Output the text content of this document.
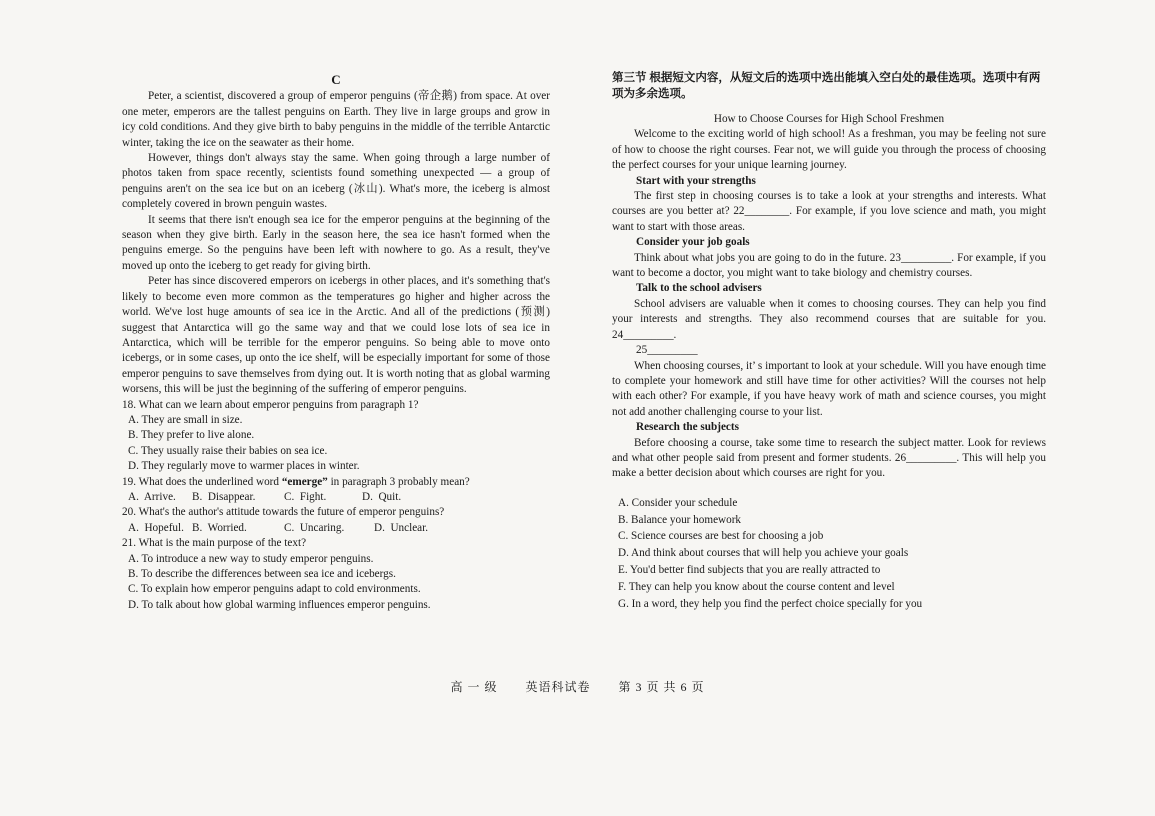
C

Peter, a scientist, discovered a group of emperor penguins (帝企鹅) from space. At over one meter, emperors are the tallest penguins on Earth. They live in large groups and grow in icy cold conditions. And they give birth to baby penguins in the middle of the terrible Antarctic winter, taking the ice on the seawater as their home.

However, things don't always stay the same. When going through a large number of photos taken from space recently, scientists found something unexpected — a group of penguins aren't on the sea ice but on an iceberg (冰山). What's more, the iceberg is almost completely covered in brown penguin wastes.

It seems that there isn't enough sea ice for the emperor penguins at the beginning of the season when they give birth. Early in the season here, the sea ice hasn't formed when the penguins emerge. So the penguins have been left with nowhere to go. As a result, they've moved up onto the iceberg to get ready for giving birth.

Peter has since discovered emperors on icebergs in other places, and it's something that's likely to become even more common as the temperatures go higher and higher across the world. We've lost huge amounts of sea ice in the Arctic. And all of the predictions (预测) suggest that Antarctica will go the same way and that we could lose lots of sea ice in Antarctica, which will be terrible for the emperor penguins. So being able to move onto icebergs, or in some cases, up onto the ice shelf, will be especially important for some of those emperor penguins to save themselves from dying out. It is worth noting that as global warming worsens, this will be just the beginning of the suffering of emperor penguins.

18. What can we learn about emperor penguins from paragraph 1?

A. They are small in size.

B. They prefer to live alone.

C. They usually raise their babies on sea ice.

D. They regularly move to warmer places in winter.

19. What does the underlined word “emerge” in paragraph 3 probably mean?

A.  Arrive. B.  Disappear.	C.  Fight.	D.  Quit.

20. What's the author's attitude towards the future of emperor penguins?

A.  Hopeful. B.  Worried.	C.  Uncaring.	D.  Unclear.

21. What is the main purpose of the text?

A. To introduce a new way to study emperor penguins.

B. To describe the differences between sea ice and icebergs.

C. To explain how emperor penguins adapt to cold environments.

D. To talk about how global warming influences emperor penguins.

第三节 根据短文内容，从短文后的选项中选出能填入空白处的最佳选项。选项中有两项为多余选项。

How to Choose Courses for High School Freshmen

Welcome to the exciting world of high school! As a freshman, you may be feeling not sure of how to choose the right courses. Fear not, we will guide you through the process of choosing the perfect courses for your unique learning journey.

Start with your strengths

The first step in choosing courses is to take a look at your strengths and interests. What courses are you better at? 22________. For example, if you love science and math, you might want to start with those areas.

Consider your job goals

Think about what jobs you are going to do in the future. 23_________. For example, if you want to become a doctor, you might want to take biology and chemistry courses.

Talk to the school advisers

School advisers are valuable when it comes to choosing courses. They can help you find your interests and strengths. They also recommend courses that are suitable for you. 24_________.

25_________

When choosing courses, it’ s important to look at your schedule. Will you have enough time to complete your homework and still have time for other activities? Will the courses not help with each other? For example, if you have heavy work of math and science courses, you might not add another challenging course to your list.

Research the subjects

Before choosing a course, take some time to research the subject matter. Look for reviews and what other people said from present and former students. 26_________. This will help you make a better decision about which courses are right for you.

A. Consider your schedule

B. Balance your homework

C. Science courses are best for choosing a job

D. And think about courses that will help you achieve your goals

E. You'd better find subjects that you are really attracted to

F. They can help you know about the course content and level

G. In a word, they help you find the perfect choice specially for you

高 一 级 英语科试卷 第 3 页 共 6 页
